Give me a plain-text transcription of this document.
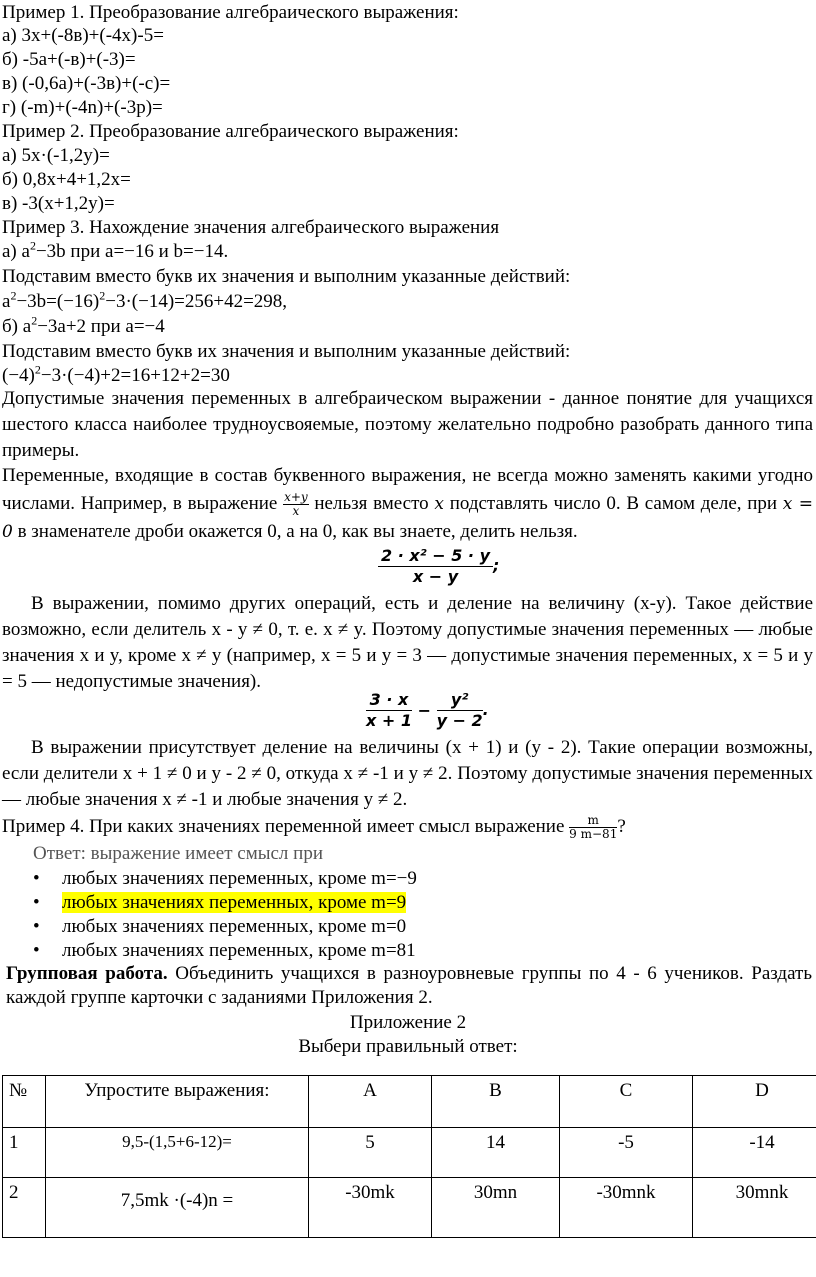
Пример 1. Преобразование алгебраического выражения:
а) 3x+(-8в)+(-4x)-5=
б) -5a+(-в)+(-3)=
в) (-0,6a)+(-3в)+(-с)=
г) (-m)+(-4n)+(-3p)=
Пример 2. Преобразование алгебраического выражения:
а) 5x·(-1,2y)=
б) 0,8x+4+1,2x=
в) -3(x+1,2y)=
Пример 3. Нахождение значения алгебраического выражения
а) $a^2-3b$ при a=−16 и b=−14.
Подставим вместо букв их значения и выполним указанные действий:
$a^2-3b=(-16)^2-3\cdot(-14)=256+42=298$,
б) $a^2-3a+2$ при a=−4
Подставим вместо букв их значения и выполним указанные действий:
$(-4)^2-3\cdot(-4)+2=16+12+2=30$
Допустимые значения переменных в алгебраическом выражении - данное понятие для учащихся шестого класса наиболее трудноусвояемые, поэтому желательно подробно разобрать данного типа примеры.
Переменные, входящие в состав буквенного выражения, не всегда можно заменять какими угодно числами. Например, в выражение $\frac{x+y}{x}$ нельзя вместо x подставлять число 0. В самом деле, при x = 0 в знаменателе дроби окажется 0, а на 0, как вы знаете, делить нельзя.
$\frac{\text{2 · x² − 5 · y}}{x - y}$ ;
В выражении, помимо других операций, есть и деление на величину (x-y). Такое действие возможно, если делитель x - y ≠ 0, т. е. x ≠ y. Поэтому допустимые значения переменных — любые значения x и y, кроме x ≠ y (например, x = 5 и y = 3 — допустимые значения переменных, x = 5 и y = 5 — недопустимые значения).
$\frac{3 \cdot x}{x + 1} - \frac{\text{y²}}{y - 2}$ .
В выражении присутствует деление на величины (x + 1) и (y - 2). Такие операции возможны, если делители x + 1 ≠ 0 и y - 2 ≠ 0, откуда x ≠ -1 и y ≠ 2. Поэтому допустимые значения переменных — любые значения x ≠ -1 и любые значения y ≠ 2.
Пример 4. При каких значениях переменной имеет смысл выражение $\frac{m}{9 m-81}$ ?
Ответ: выражение имеет смысл при
• любых значениях переменных, кроме m=−9
• любых значениях переменных, кроме m=9
• любых значениях переменных, кроме m=0
• любых значениях переменных, кроме m=81
Групповая работа. Объединить учащихся в разноуровневые группы по 4 - 6 учеников. Раздать каждой группе карточки с заданиями Приложения 2.
Приложение 2
Выбери правильный ответ:
№	Упростите выражения:	A	B	C	D
1	9,5-(1,5+6-12)=	5	14	-5	-14
2	7,5mk ·(-4)n =	-30mk	30mn	-30mnk	30mnk
